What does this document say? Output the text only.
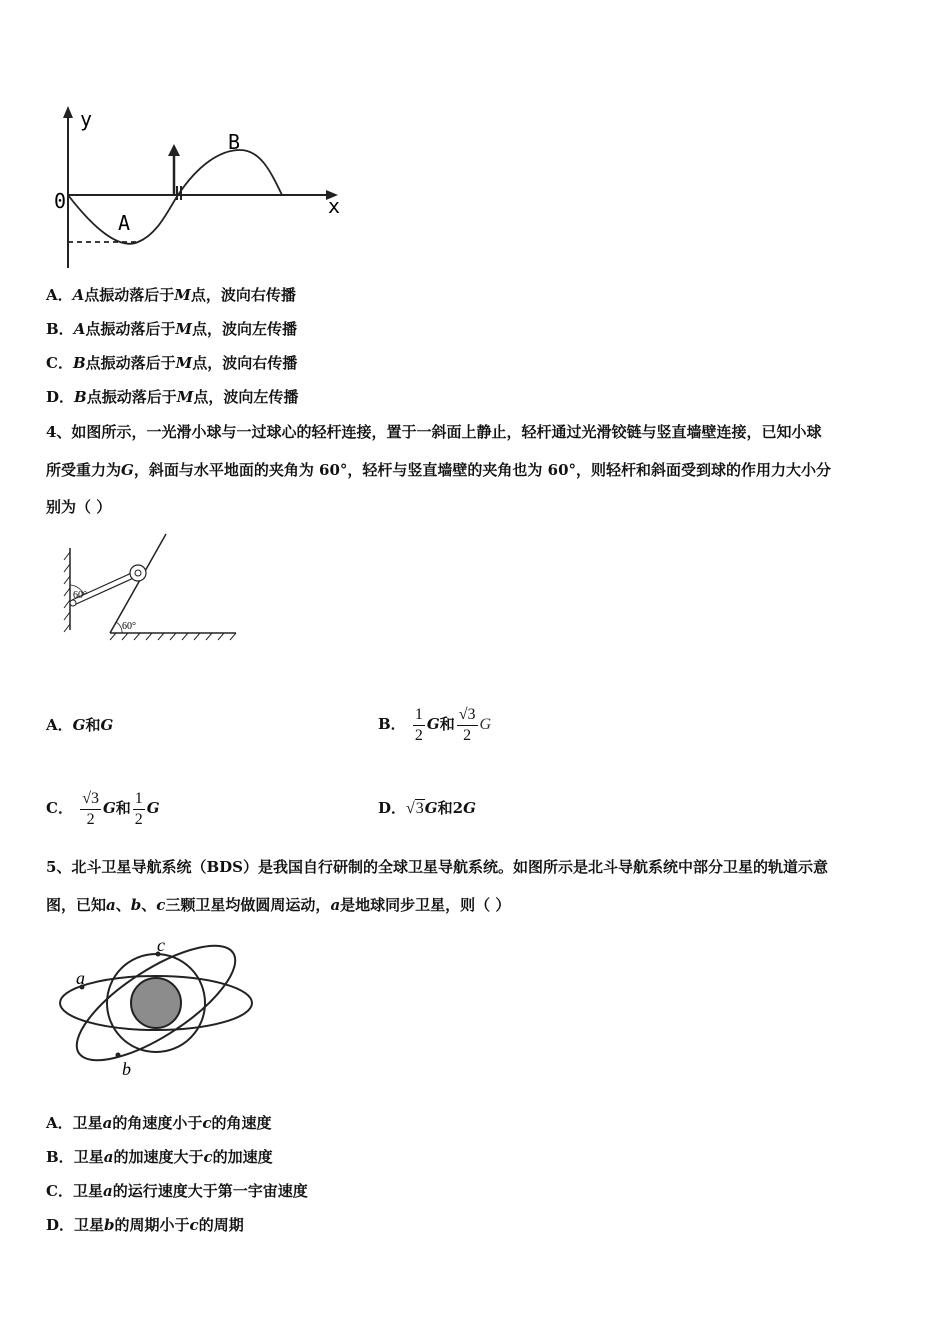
y
x
0
A
B
A．A点振动落后于M点，波向右传播
B．A点振动落后于M点，波向左传播
C．B点振动落后于M点，波向右传播
D．B点振动落后于M点，波向左传播
4、如图所示，一光滑小球与一过球心的轻杆连接，置于一斜面上静止，轻杆通过光滑铰链与竖直墙壁连接，已知小球
所受重力为G，斜面与水平地面的夹角为 60°，轻杆与竖直墙壁的夹角也为 60°，则轻杆和斜面受到球的作用力大小分
别为（ ）
60°
60°
A．G和G	B． $\frac{1}{2}$ G和 $\frac{√3}{2}$ G
C． $\frac{√3}{2}$ G和 $\frac{1}{2}$ G	D．√3G和2G
5、北斗卫星导航系统（BDS）是我国自行研制的全球卫星导航系统。如图所示是北斗导航系统中部分卫星的轨道示意
图，已知a、b、c三颗卫星均做圆周运动，a是地球同步卫星，则（ ）
a
c
b
A．卫星a的角速度小于c的角速度
B．卫星a的加速度大于c的加速度
C．卫星a的运行速度大于第一宇宙速度
D．卫星b的周期小于c的周期
